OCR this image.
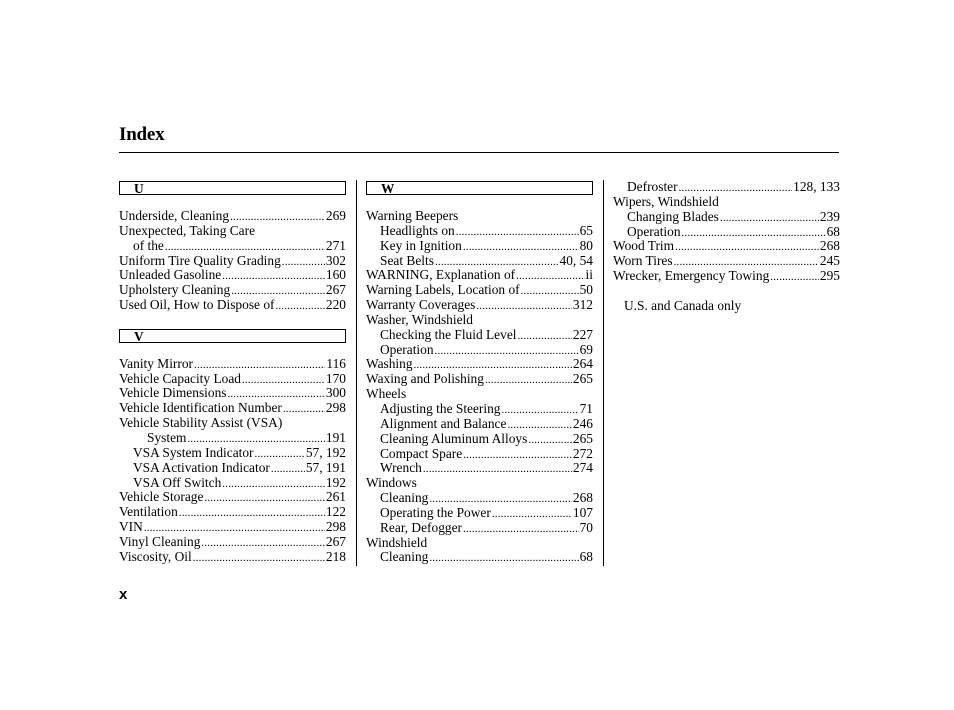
Index
U
Underside, Cleaning .....	269
Unexpected, Taking Care
of the .....	271
Uniform Tire Quality Grading .....	302
Unleaded Gasoline .....	160
Upholstery Cleaning .....	267
Used Oil, How to Dispose of .....	220
V
Vanity Mirror .....	116
Vehicle Capacity Load .....	170
Vehicle Dimensions .....	300
Vehicle Identification Number .....	298
Vehicle Stability Assist (VSA)
System .....	191
VSA System Indicator .....	57, 192
VSA Activation Indicator .....	57, 191
VSA Off Switch .....	192
Vehicle Storage .....	261
Ventilation .....	122
VIN .....	298
Vinyl Cleaning .....	267
Viscosity, Oil .....	218
W
Warning Beepers
Headlights on .....	65
Key in Ignition .....	80
Seat Belts .....	40, 54
WARNING, Explanation of .....	ii
Warning Labels, Location of .....	50
Warranty Coverages .....	312
Washer, Windshield
Checking the Fluid Level .....	227
Operation .....	69
Washing .....	264
Waxing and Polishing .....	265
Wheels
Adjusting the Steering .....	71
Alignment and Balance .....	246
Cleaning Aluminum Alloys .....	265
Compact Spare .....	272
Wrench .....	274
Windows
Cleaning .....	268
Operating the Power .....	107
Rear, Defogger .....	70
Windshield
Cleaning .....	68
Defroster .....	128, 133
Wipers, Windshield
Changing Blades .....	239
Operation .....	68
Wood Trim .....	268
Worn Tires .....	245
Wrecker, Emergency Towing .....	295
U.S. and Canada only
x
